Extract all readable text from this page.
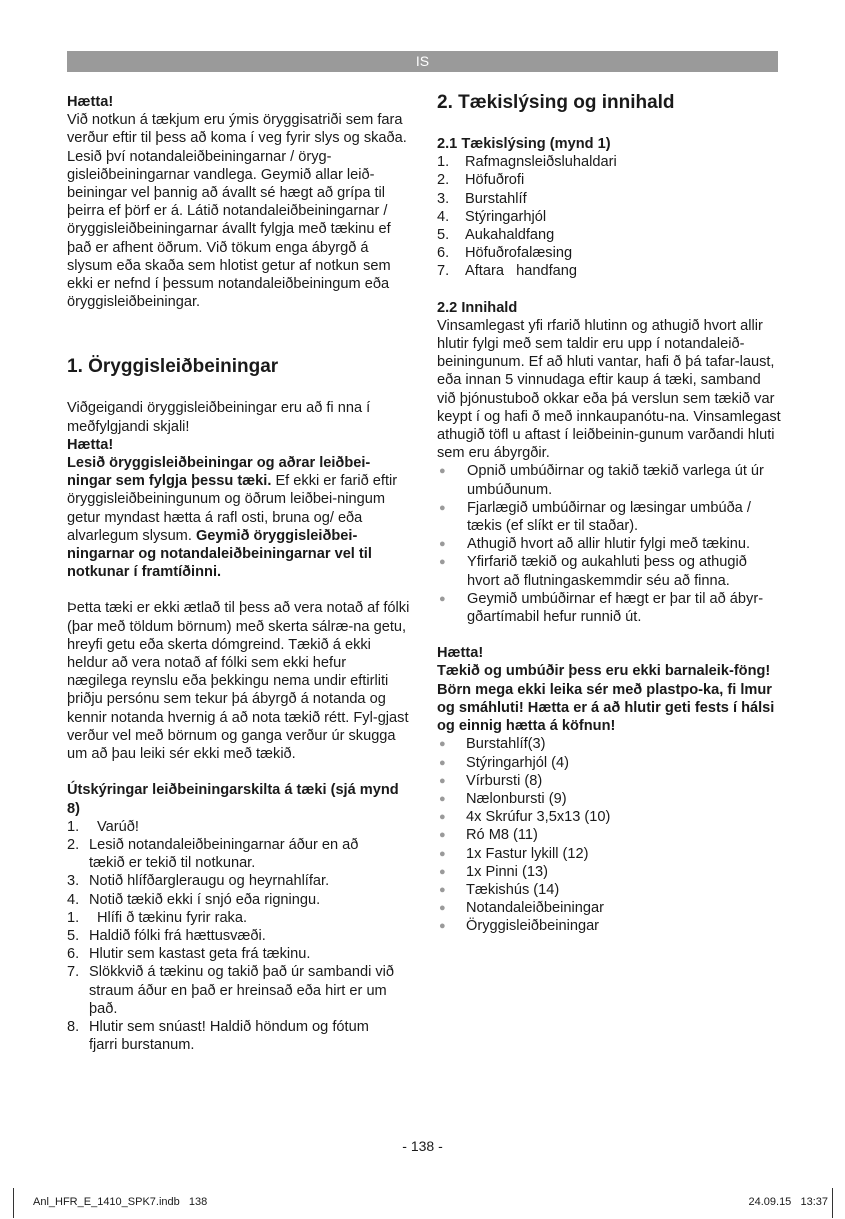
IS

Hætta!

Við notkun á tækjum eru ýmis öryggisatriði sem fara verður eftir til þess að koma í veg fyrir slys og skaða. Lesið því notandaleiðbeiningarnar / öryg-gisleiðbeiningarnar vandlega. Geymið allar leið-beiningar vel þannig að ávallt sé hægt að grípa til þeirra ef þörf er á. Látið notandaleiðbeiningarnar / öryggisleiðbeiningarnar ávallt fylgja með tækinu ef það er afhent öðrum. Við tökum enga ábyrgð á slysum eða skaða sem hlotist getur af notkun sem ekki er nefnd í þessum notandaleiðbeiningum eða öryggisleiðbeiningar.

1. Öryggisleiðbeiningar

Viðgeigandi öryggisleiðbeiningar eru að fi nna í meðfylgjandi skjali!

Hætta!

Lesið öryggisleiðbeiningar og aðrar leiðbei-ningar sem fylgja þessu tæki. Ef ekki er farið eftir öryggisleiðbeiningunum og öðrum leiðbei-ningum getur myndast hætta á rafl osti, bruna og/ eða alvarlegum slysum. Geymið öryggisleiðbei-ningarnar og notandaleiðbeiningarnar vel til notkunar í framtíðinni.

Þetta tæki er ekki ætlað til þess að vera notað af fólki (þar með töldum börnum) með skerta sálræ-na getu, hreyfi getu eða skerta dómgreind. Tækið á ekki heldur að vera notað af fólki sem ekki hefur nægilega reynslu eða þekkingu nema undir eftirliti þriðju persónu sem tekur þá ábyrgð á notanda og kennir notanda hvernig á að nota tækið rétt. Fyl-gjast verður vel með börnum og ganga verður úr skugga um að þau leiki sér ekki með tækið.

Útskýringar leiðbeiningarskilta á tæki (sjá mynd 8)
1.	Varúð!
2. Lesið notandaleiðbeiningarnar áður en að tækið er tekið til notkunar.
3. Notið hlífðargleraugu og heyrnahlífar.
4. Notið tækið ekki í snjó eða rigningu.
1.	Hlífi ð tækinu fyrir raka.
5. Haldið fólki frá hættusvæði.
6. Hlutir sem kastast geta frá tækinu.
7. Slökkvið á tækinu og takið það úr sambandi við straum áður en það er hreinsað eða hirt er um það.
8. Hlutir sem snúast! Haldið höndum og fótum fjarri burstanum.
2. Tækislýsing og innihald
2.1 Tækislýsing (mynd 1)
1.	Rafmagnsleiðsluhaldari
2.	Höfuðrofi
3.	Burstahlíf
4.	Stýringarhjól
5.	Aukahaldfang
6.	Höfuðrofalæsing
7.	Aftara   handfang
2.2 Innihald

Vinsamlegast yfi rfarið hlutinn og athugið hvort allir hlutir fylgi með sem taldir eru upp í notandaleið-beiningunum. Ef að hluti vantar, hafi ð þá tafar-laust, eða innan 5 vinnudaga eftir kaup á tæki, samband við þjónustuboð okkar eða þá verslun sem tækið var keypt í og hafi ð með innkaupanótu-na. Vinsamlegast athugið töfl u aftast í leiðbeinin-gunum varðandi hluti sem eru ábyrgðir.

●	Opnið umbúðirnar og takið tækið varlega út úr umbúðunum.
●	Fjarlægið umbúðirnar og læsingar umbúða / tækis (ef slíkt er til staðar).
●	Athugið hvort að allir hlutir fylgi með tækinu.
●	Yfirfarið tækið og aukahluti þess og athugið hvort að flutningaskemmdir séu að finna.
●	Geymið umbúðirnar ef hægt er þar til að ábyr-gðartímabil hefur runnið út.

Hætta!

Tækið og umbúðir þess eru ekki barnaleik-föng! Börn mega ekki leika sér með plastpo-ka, fi lmur og smáhluti! Hætta er á að hlutir geti fests í hálsi og einnig hætta á köfnun!

●	Burstahlíf(3)
●	Stýringarhjól (4)
●	Vírbursti (8)
●	Nælonbursti (9)
●	4x Skrúfur 3,5x13 (10)
●	Ró M8 (11)
●	1x Fastur lykill (12)
●	1x Pinni (13)
●	Tækishús (14)
●	Notandaleiðbeiningar
●	Öryggisleiðbeiningar
- 138 -
Anl_HFR_E_1410_SPK7.indb   138	24.09.15   13:37
